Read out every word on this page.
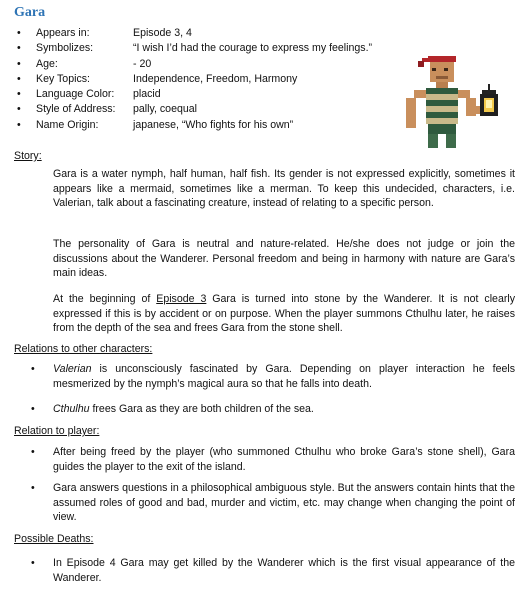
Gara
• Appears in:	Episode 3, 4
• Symbolizes:	“I wish I’d had the courage to express my feelings.”
• Age:	- 20
• Key Topics:	Independence, Freedom, Harmony
• Language Color: placid
• Style of Address: pally, coequal
• Name Origin:	japanese, “Who fights for his own”
Story:

Gara is a water nymph, half human, half fish. Its gender is not expressed explicitly, sometimes it appears like a mermaid, sometimes like a merman. To keep this undecided, characters, i.e. Valerian, talk about a fascinating creature, instead of relating to a specific person.

The personality of Gara is neutral and nature-related. He/she does not judge or join the discussions about the Wanderer. Personal freedom and being in harmony with nature are Gara’s main ideas.

At the beginning of Episode 3 Gara is turned into stone by the Wanderer. It is not clearly expressed if this is by accident or on purpose. When the player summons Cthulhu later, he raises from the depth of the sea and frees Gara from the stone shell.

Relations to other characters:
• Valerian is unconsciously fascinated by Gara. Depending on player interaction he feels mesmerized by the nymph’s magical aura so that he falls into death.
• Cthulhu frees Gara as they are both children of the sea.
Relation to player:
• After being freed by the player (who summoned Cthulhu who broke Gara’s stone shell), Gara guides the player to the exit of the island.
• Gara answers questions in a philosophical ambiguous style. But the answers contain hints that the assumed roles of good and bad, murder and victim, etc. may change when changing the point of view.
Possible Deaths:
• In Episode 4 Gara may get killed by the Wanderer which is the first visual appearance of the Wanderer.
